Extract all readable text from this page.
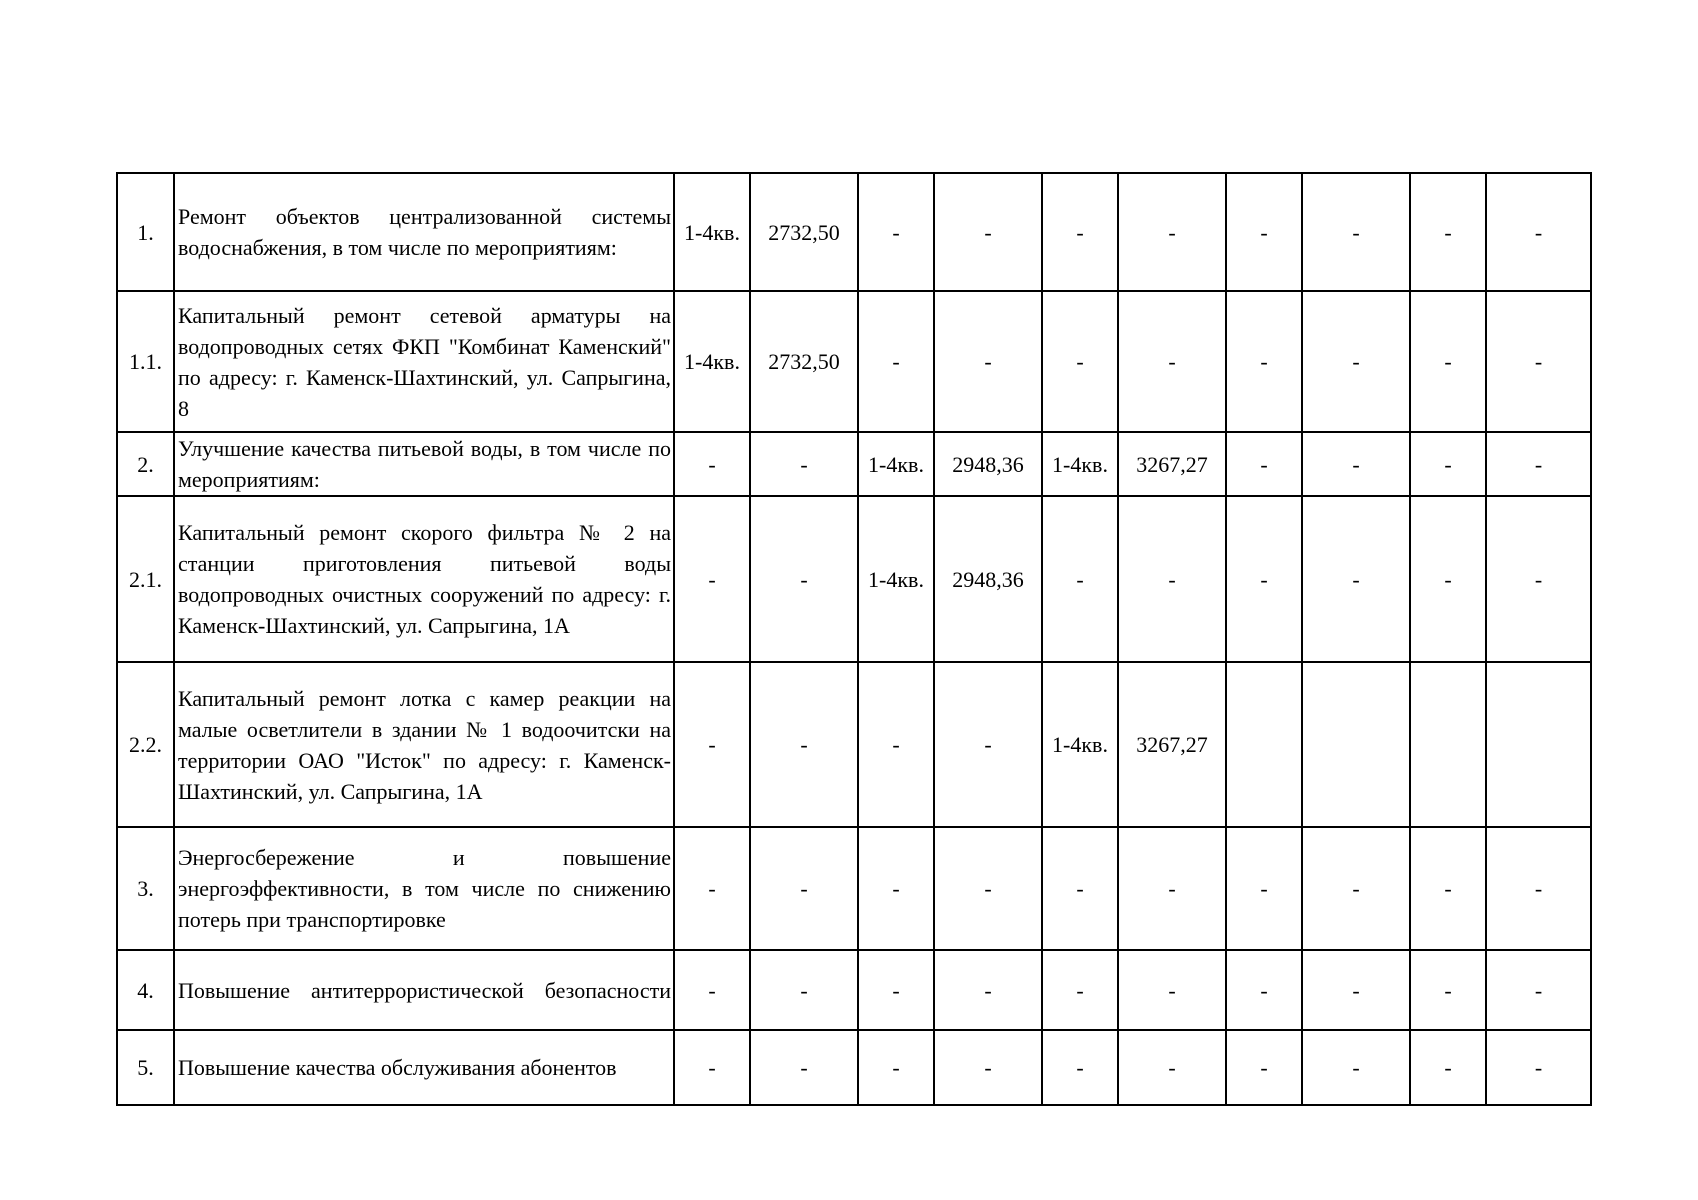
1.	Ремонт объектов централизованной системы водоснабжения, в том числе по мероприятиям:	1-4кв.	2732,50	-	-	-	-	-	-	-	-
1.1.	Капитальный ремонт сетевой арматуры на водопроводных сетях ФКП "Комбинат Каменский" по адресу: г. Каменск-Шахтинский, ул. Сапрыгина, 8	1-4кв.	2732,50	-	-	-	-	-	-	-	-
2.	Улучшение качества питьевой воды, в том числе по мероприятиям:	-	-	1-4кв.	2948,36	1-4кв.	3267,27	-	-	-	-
2.1.	Капитальный ремонт скорого фильтра № 2 на станции приготовления питьевой воды водопроводных очистных сооружений по адресу: г. Каменск-Шахтинский, ул. Сапрыгина, 1А	-	-	1-4кв.	2948,36	-	-	-	-	-	-
2.2.	Капитальный ремонт лотка с камер реакции на малые осветлители в здании № 1 водоочитски на территории ОАО "Исток" по адресу: г. Каменск-Шахтинский, ул. Сапрыгина, 1А	-	-	-	-	1-4кв.	3267,27				
3.	Энергосбережение и повышение энергоэффективности, в том числе по снижению потерь при транспортировке	-	-	-	-	-	-	-	-	-	-
4.	Повышение антитеррористической безопасности	-	-	-	-	-	-	-	-	-	-
5.	Повышение качества обслуживания абонентов	-	-	-	-	-	-	-	-	-	-
